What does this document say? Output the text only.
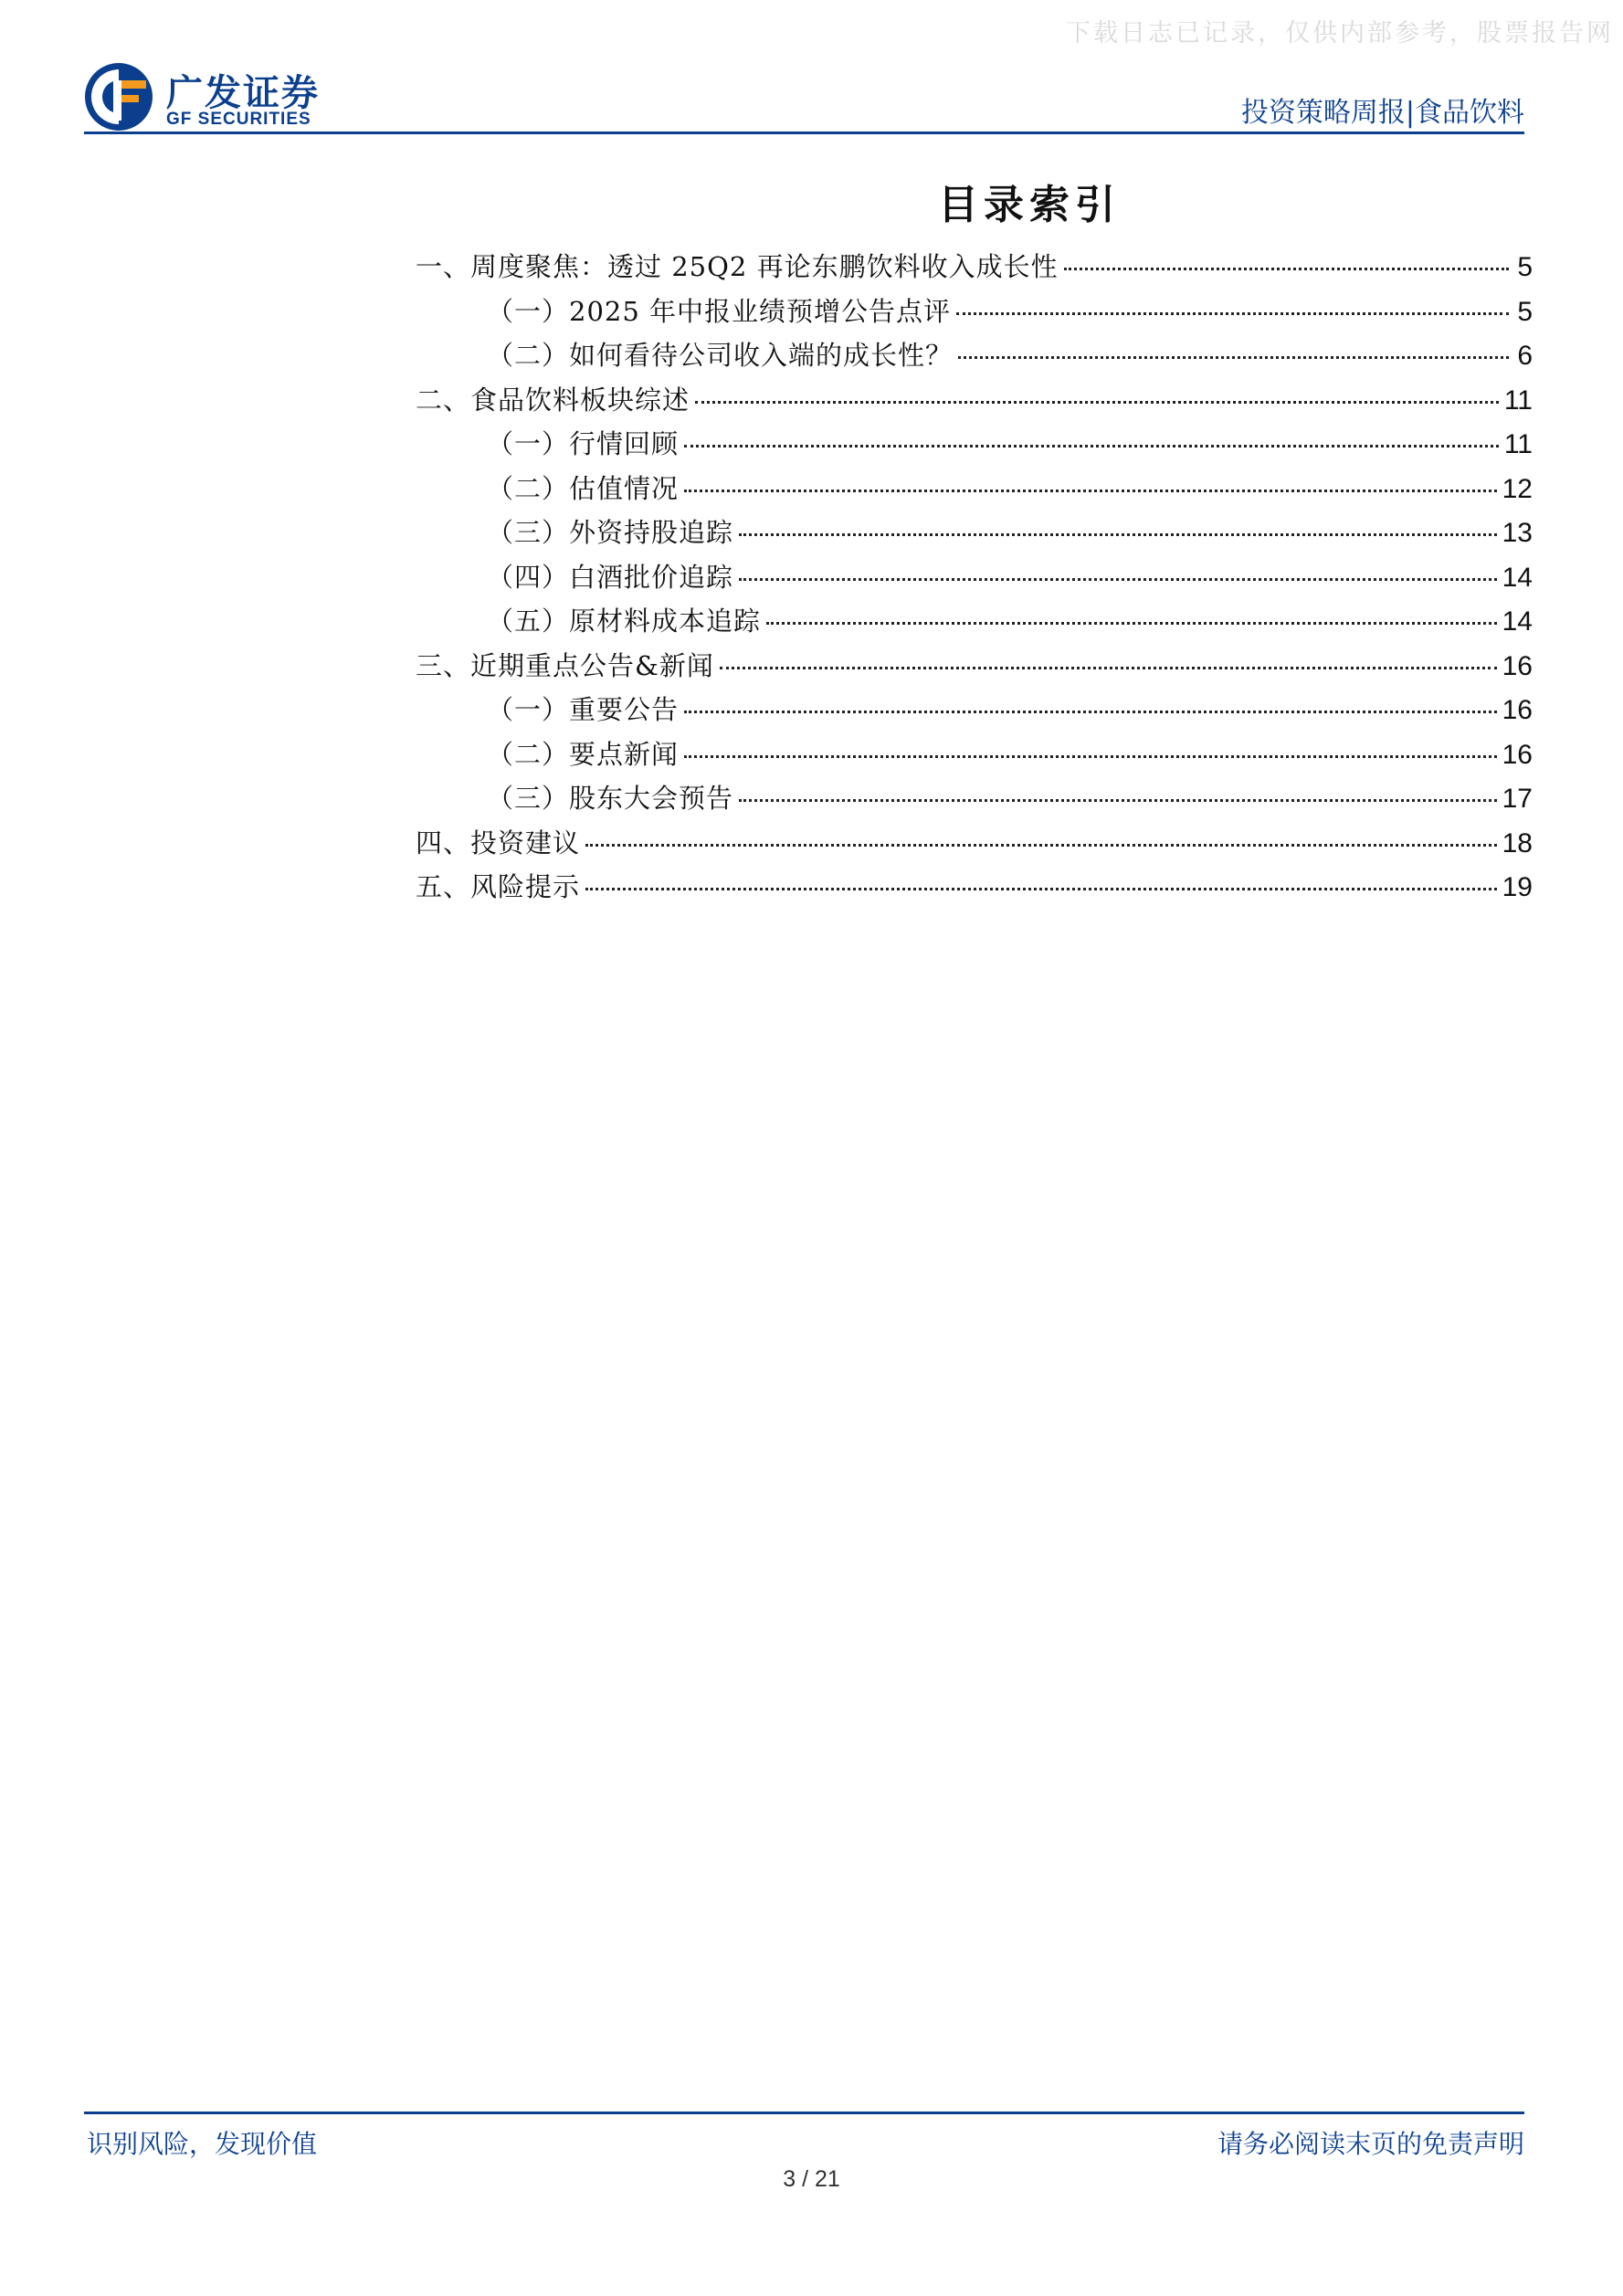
下载日志已记录，仅供内部参考，股票报告网
广发证券
GF SECURITIES	投资策略周报|食品饮料
目录索引
一、周度聚焦：透过 25Q2 再论东鹏饮料收入成长性	5
（一）2025 年中报业绩预增公告点评	5
（二）如何看待公司收入端的成长性？	6
二、食品饮料板块综述	11
（一）行情回顾	11
（二）估值情况	12
（三）外资持股追踪	13
（四）白酒批价追踪	14
（五）原材料成本追踪	14
三、近期重点公告&新闻	16
（一）重要公告	16
（二）要点新闻	16
（三）股东大会预告	17
四、投资建议	18
五、风险提示	19
识别风险，发现价值	请务必阅读末页的免责声明
3 / 21
